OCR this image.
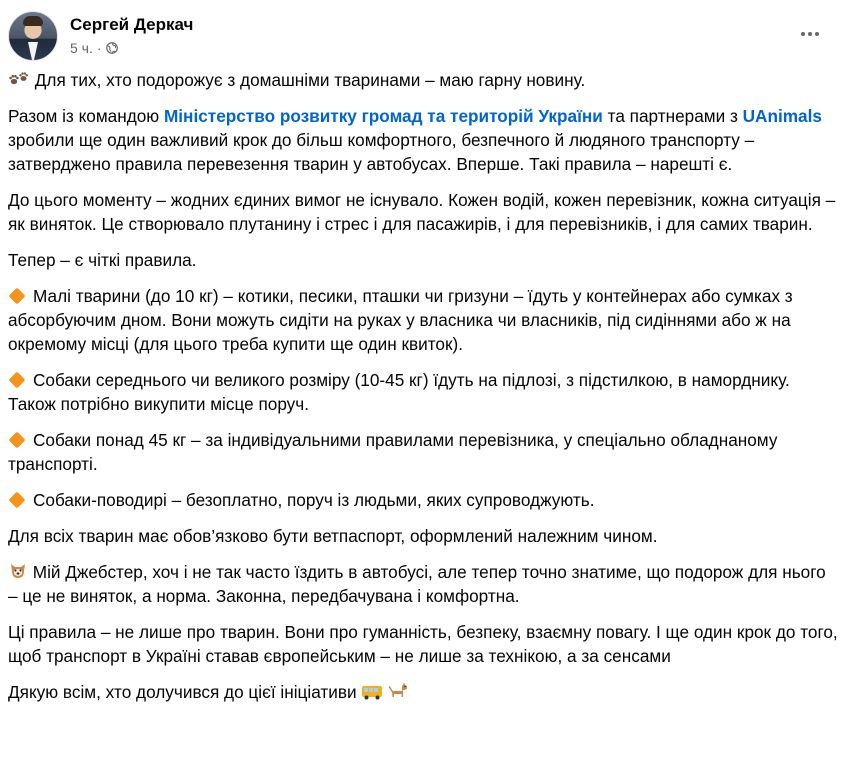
Сергей Деркач
5 ч. ·

Для тих, хто подорожує з домашніми тваринами – маю гарну новину.

Разом із командою Міністерство розвитку громад та територій України та партнерами з UAnimals зробили ще один важливий крок до більш комфортного, безпечного й людяного транспорту – затверджено правила перевезення тварин у автобусах. Вперше. Такі правила – нарешті є.

До цього моменту – жодних єдиних вимог не існувало. Кожен водій, кожен перевізник, кожна ситуація – як виняток. Це створювало плутанину і стрес і для пасажирів, і для перевізників, і для самих тварин.

Тепер – є чіткі правила.

Малі тварини (до 10 кг) – котики, песики, пташки чи гризуни – їдуть у контейнерах або сумках з абсорбуючим дном. Вони можуть сидіти на руках у власника чи власників, під сидіннями або ж на окремому місці (для цього треба купити ще один квиток).

Собаки середнього чи великого розміру (10-45 кг) їдуть на підлозі, з підстилкою, в наморднику. Також потрібно викупити місце поруч.

Собаки понад 45 кг – за індивідуальними правилами перевізника, у спеціально обладнаному транспорті.

Собаки-поводирі – безоплатно, поруч із людьми, яких супроводжують.

Для всіх тварин має обов’язково бути ветпаспорт, оформлений належним чином.

Мій Джебстер, хоч і не так часто їздить в автобусі, але тепер точно знатиме, що подорож для нього – це не виняток, а норма. Законна, передбачувана і комфортна.

Ці правила – не лише про тварин. Вони про гуманність, безпеку, взаємну повагу. І ще один крок до того, щоб транспорт в Україні ставав європейським – не лише за технікою, а за сенсами

Дякую всім, хто долучився до цієї ініціативи
